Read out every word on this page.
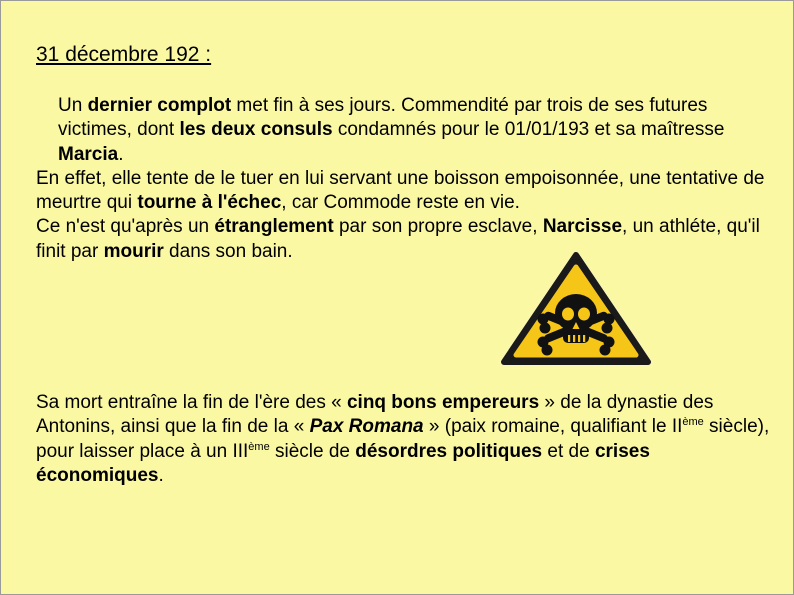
31 décembre 192 :
Un dernier complot met fin à ses jours. Commendité par trois de ses futures victimes, dont les deux consuls condamnés pour le 01/01/193 et sa maîtresse Marcia.
En effet, elle tente de le tuer en lui servant une boisson empoisonnée, une tentative de meurtre qui tourne à l'échec, car Commode reste en vie.
Ce n'est qu'après un étranglement par son propre esclave, Narcisse, un athléte, qu'il finit par mourir dans son bain.
Sa mort entraîne la fin de l'ère des « cinq bons empereurs » de la dynastie des Antonins, ainsi que la fin de la « Pax Romana » (paix romaine, qualifiant le IIème siècle), pour laisser place à un IIIème siècle de désordres politiques et de crises économiques.
